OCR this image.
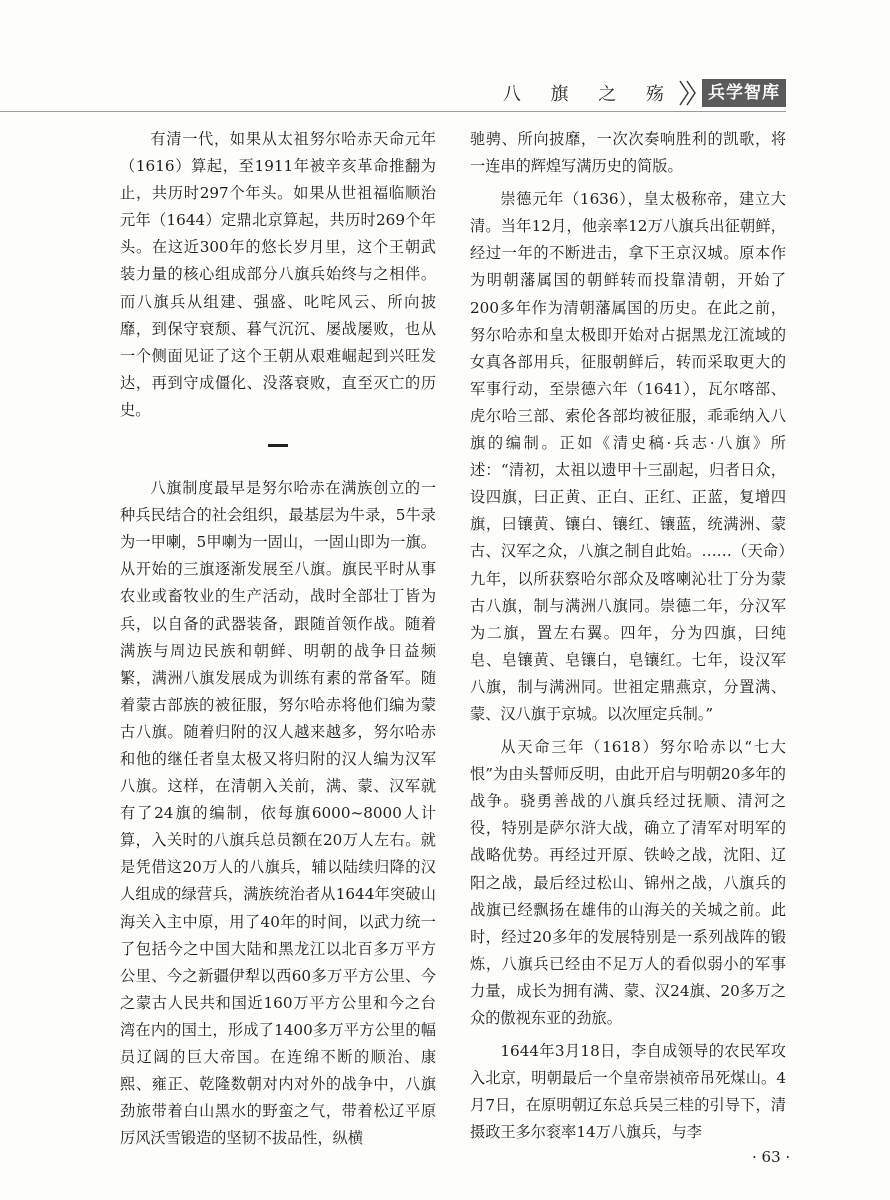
八 旗 之 殇	兵学智库

有清一代，如果从太祖努尔哈赤天命元年（1616）算起，至1911年被辛亥革命推翻为止，共历时297个年头。如果从世祖福临顺治元年（1644）定鼎北京算起，共历时269个年头。在这近300年的悠长岁月里，这个王朝武装力量的核心组成部分八旗兵始终与之相伴。而八旗兵从组建、强盛、叱咤风云、所向披靡，到保守衰颓、暮气沉沉、屡战屡败，也从一个侧面见证了这个王朝从艰难崛起到兴旺发达，再到守成僵化、没落衰败，直至灭亡的历史。

八旗制度最早是努尔哈赤在满族创立的一种兵民结合的社会组织，最基层为牛录，5牛录为一甲喇，5甲喇为一固山，一固山即为一旗。从开始的三旗逐渐发展至八旗。旗民平时从事农业或畜牧业的生产活动，战时全部壮丁皆为兵，以自备的武器装备，跟随首领作战。随着满族与周边民族和朝鲜、明朝的战争日益频繁，满洲八旗发展成为训练有素的常备军。随着蒙古部族的被征服，努尔哈赤将他们编为蒙古八旗。随着归附的汉人越来越多，努尔哈赤和他的继任者皇太极又将归附的汉人编为汉军八旗。这样，在清朝入关前，满、蒙、汉军就有了24旗的编制，依每旗6000~8000人计算，入关时的八旗兵总员额在20万人左右。就是凭借这20万人的八旗兵，辅以陆续归降的汉人组成的绿营兵，满族统治者从1644年突破山海关入主中原，用了40年的时间，以武力统一了包括今之中国大陆和黑龙江以北百多万平方公里、今之新疆伊犁以西60多万平方公里、今之蒙古人民共和国近160万平方公里和今之台湾在内的国土，形成了1400多万平方公里的幅员辽阔的巨大帝国。在连绵不断的顺治、康熙、雍正、乾隆数朝对内对外的战争中，八旗劲旅带着白山黑水的野蛮之气，带着松辽平原厉风沃雪锻造的坚韧不拔品性，纵横

驰骋、所向披靡，一次次奏响胜利的凯歌，将一连串的辉煌写满历史的简版。

崇德元年（1636），皇太极称帝，建立大清。当年12月，他亲率12万八旗兵出征朝鲜，经过一年的不断进击，拿下王京汉城。原本作为明朝藩属国的朝鲜转而投靠清朝，开始了200多年作为清朝藩属国的历史。在此之前，努尔哈赤和皇太极即开始对占据黑龙江流域的女真各部用兵，征服朝鲜后，转而采取更大的军事行动，至崇德六年（1641），瓦尔喀部、虎尔哈三部、索伦各部均被征服，乖乖纳入八旗的编制。正如《清史稿·兵志·八旗》所述：“清初，太祖以遗甲十三副起，归者日众，设四旗，曰正黄、正白、正红、正蓝，复增四旗，曰镶黄、镶白、镶红、镶蓝，统满洲、蒙古、汉军之众，八旗之制自此始。……（天命）九年，以所获察哈尔部众及喀喇沁壮丁分为蒙古八旗，制与满洲八旗同。崇德二年，分汉军为二旗，置左右翼。四年，分为四旗，曰纯皂、皂镶黄、皂镶白，皂镶红。七年，设汉军八旗，制与满洲同。世祖定鼎燕京，分置满、蒙、汉八旗于京城。以次厘定兵制。”

从天命三年（1618）努尔哈赤以“七大恨”为由头誓师反明，由此开启与明朝20多年的战争。骁勇善战的八旗兵经过抚顺、清河之役，特别是萨尔浒大战，确立了清军对明军的战略优势。再经过开原、铁岭之战，沈阳、辽阳之战，最后经过松山、锦州之战，八旗兵的战旗已经飘扬在雄伟的山海关的关城之前。此时，经过20多年的发展特别是一系列战阵的锻炼，八旗兵已经由不足万人的看似弱小的军事力量，成长为拥有满、蒙、汉24旗、20多万之众的傲视东亚的劲旅。

1644年3月18日，李自成领导的农民军攻入北京，明朝最后一个皇帝崇祯帝吊死煤山。4月7日，在原明朝辽东总兵吴三桂的引导下，清摄政王多尔衮率14万八旗兵，与李

· 63 ·
